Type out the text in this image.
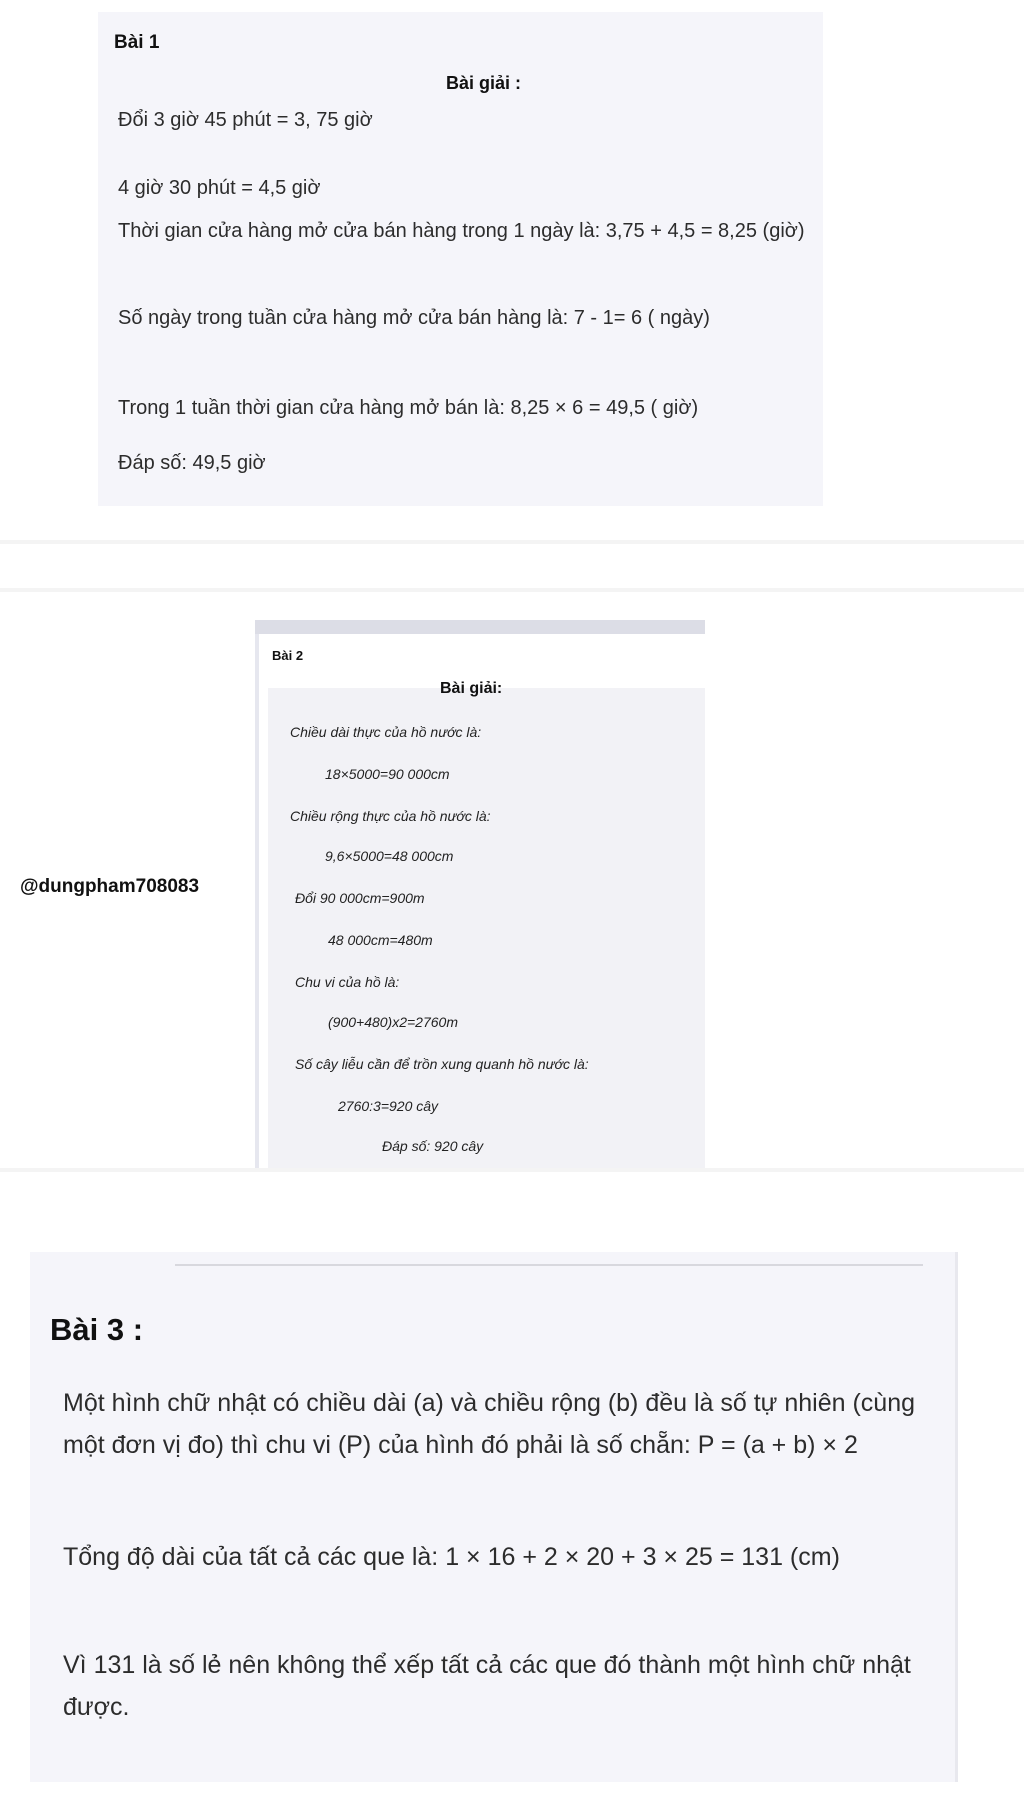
Bài 1
Bài giải :
Đổi 3 giờ 45 phút = 3, 75 giờ
4 giờ 30 phút = 4,5 giờ
Thời gian cửa hàng mở cửa bán hàng trong 1 ngày là: 3,75 + 4,5 = 8,25 (giờ)
Số ngày trong tuần cửa hàng mở cửa bán hàng là: 7 - 1= 6 ( ngày)
Trong 1 tuần thời gian cửa hàng mở bán là: 8,25 × 6 = 49,5 ( giờ)
Đáp số: 49,5 giờ
Bài 2
Bài giải:
Chiều dài thực của hồ nước là:
18×5000=90 000cm
Chiều rộng thực của hồ nước là:
9,6×5000=48 000cm
Đổi 90 000cm=900m
48 000cm=480m
Chu vi của hồ là:
(900+480)x2=2760m
Số cây liễu cần để trồn xung quanh hồ nước là:
2760:3=920 cây
Đáp số: 920 cây
@dungpham708083
Bài 3 :
Một hình chữ nhật có chiều dài (a) và chiều rộng (b) đều là số tự nhiên (cùng một đơn vị đo) thì chu vi (P) của hình đó phải là số chẵn: P = (a + b) × 2
Tổng độ dài của tất cả các que là: 1 × 16 + 2 × 20 + 3 × 25 = 131 (cm)
Vì 131 là số lẻ nên không thể xếp tất cả các que đó thành một hình chữ nhật được.
